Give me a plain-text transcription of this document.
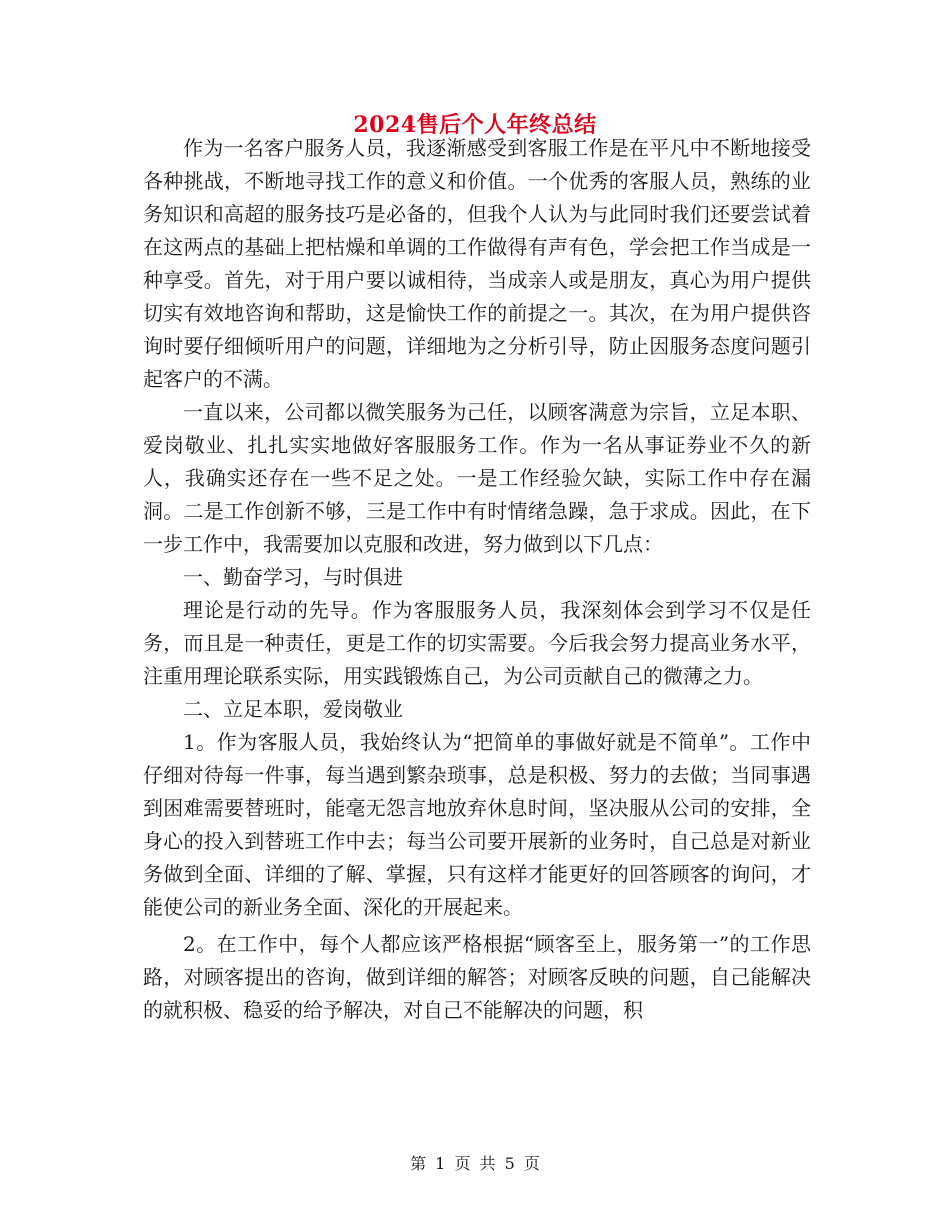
2024售后个人年终总结

作为一名客户服务人员，我逐渐感受到客服工作是在平凡中不断地接受各种挑战，不断地寻找工作的意义和价值。一个优秀的客服人员，熟练的业务知识和高超的服务技巧是必备的，但我个人认为与此同时我们还要尝试着在这两点的基础上把枯燥和单调的工作做得有声有色，学会把工作当成是一种享受。首先，对于用户要以诚相待，当成亲人或是朋友，真心为用户提供切实有效地咨询和帮助，这是愉快工作的前提之一。其次，在为用户提供咨询时要仔细倾听用户的问题，详细地为之分析引导，防止因服务态度问题引起客户的不满。

一直以来，公司都以微笑服务为己任，以顾客满意为宗旨，立足本职、爱岗敬业、扎扎实实地做好客服服务工作。作为一名从事证券业不久的新人，我确实还存在一些不足之处。一是工作经验欠缺，实际工作中存在漏洞。二是工作创新不够，三是工作中有时情绪急躁，急于求成。因此，在下一步工作中，我需要加以克服和改进，努力做到以下几点：

一、勤奋学习，与时俱进

理论是行动的先导。作为客服服务人员，我深刻体会到学习不仅是任务，而且是一种责任，更是工作的切实需要。今后我会努力提高业务水平，注重用理论联系实际，用实践锻炼自己，为公司贡献自己的微薄之力。

二、立足本职，爱岗敬业

1。作为客服人员，我始终认为“把简单的事做好就是不简单”。工作中仔细对待每一件事，每当遇到繁杂琐事，总是积极、努力的去做；当同事遇到困难需要替班时，能毫无怨言地放弃休息时间，坚决服从公司的安排，全身心的投入到替班工作中去；每当公司要开展新的业务时，自己总是对新业务做到全面、详细的了解、掌握，只有这样才能更好的回答顾客的询问，才能使公司的新业务全面、深化的开展起来。

2。在工作中，每个人都应该严格根据“顾客至上，服务第一”的工作思路，对顾客提出的咨询，做到详细的解答；对顾客反映的问题，自己能解决的就积极、稳妥的给予解决，对自己不能解决的问题，积

第 1 页 共 5 页
